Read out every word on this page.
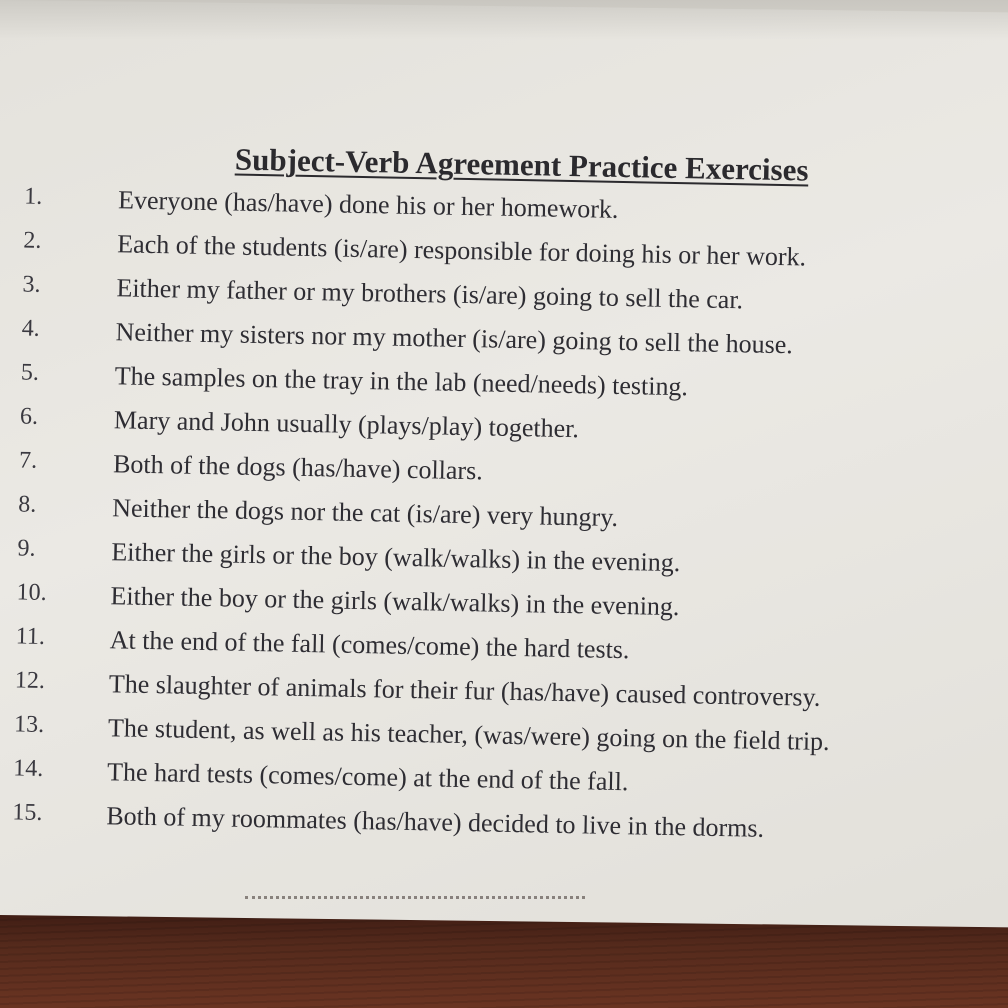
Subject-Verb Agreement Practice Exercises
1.	Everyone (has/have) done his or her homework.
2.	Each of the students (is/are) responsible for doing his or her work.
3.	Either my father or my brothers (is/are) going to sell the car.
4.	Neither my sisters nor my mother (is/are) going to sell the house.
5.	The samples on the tray in the lab (need/needs) testing.
6.	Mary and John usually (plays/play) together.
7.	Both of the dogs (has/have) collars.
8.	Neither the dogs nor the cat (is/are) very hungry.
9.	Either the girls or the boy (walk/walks) in the evening.
10. Either the boy or the girls (walk/walks) in the evening.
11. At the end of the fall (comes/come) the hard tests.
12. The slaughter of animals for their fur (has/have) caused controversy.
13. The student, as well as his teacher, (was/were) going on the field trip.
14. The hard tests (comes/come) at the end of the fall.
15. Both of my roommates (has/have) decided to live in the dorms.
